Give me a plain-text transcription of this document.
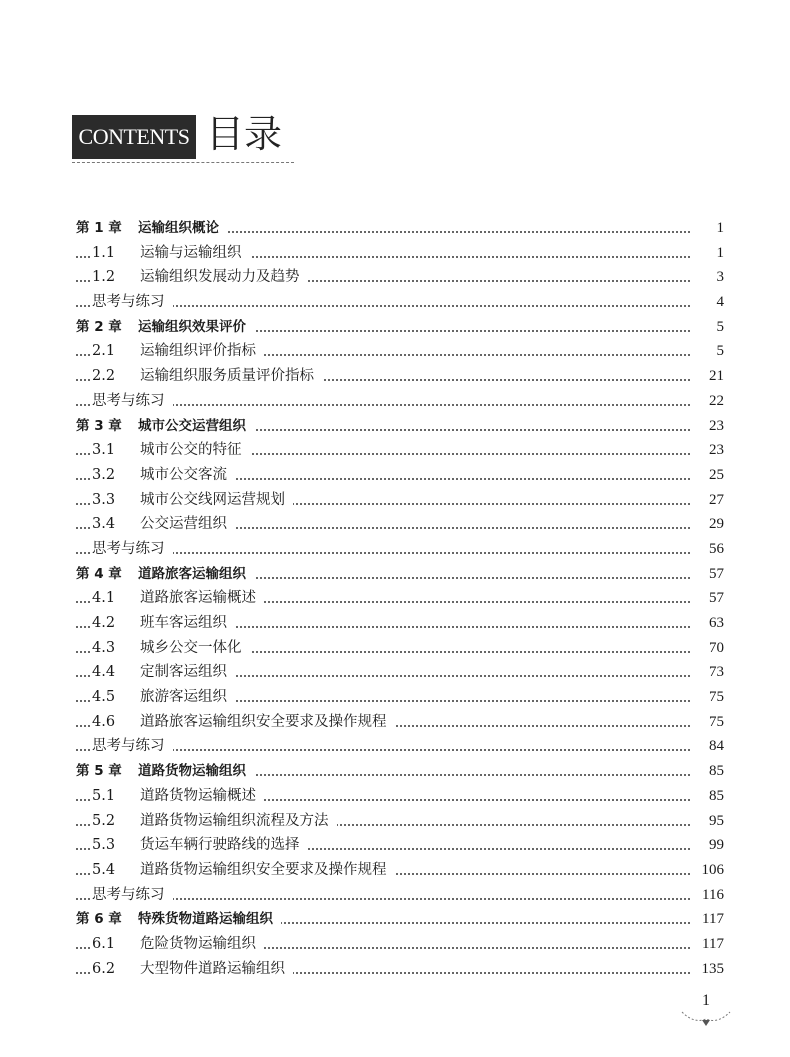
CONTENTS 目录
第 1 章 运输组织概论	1
1.1 运输与运输组织	1
1.2 运输组织发展动力及趋势	3
思考与练习	4
第 2 章 运输组织效果评价	5
2.1 运输组织评价指标	5
2.2 运输组织服务质量评价指标	21
思考与练习	22
第 3 章 城市公交运营组织	23
3.1 城市公交的特征	23
3.2 城市公交客流	25
3.3 城市公交线网运营规划	27
3.4 公交运营组织	29
思考与练习	56
第 4 章 道路旅客运输组织	57
4.1 道路旅客运输概述	57
4.2 班车客运组织	63
4.3 城乡公交一体化	70
4.4 定制客运组织	73
4.5 旅游客运组织	75
4.6 道路旅客运输组织安全要求及操作规程	75
思考与练习	84
第 5 章 道路货物运输组织	85
5.1 道路货物运输概述	85
5.2 道路货物运输组织流程及方法	95
5.3 货运车辆行驶路线的选择	99
5.4 道路货物运输组织安全要求及操作规程	106
思考与练习	116
第 6 章 特殊货物道路运输组织	117
6.1 危险货物运输组织	117
6.2 大型物件道路运输组织	135
1
